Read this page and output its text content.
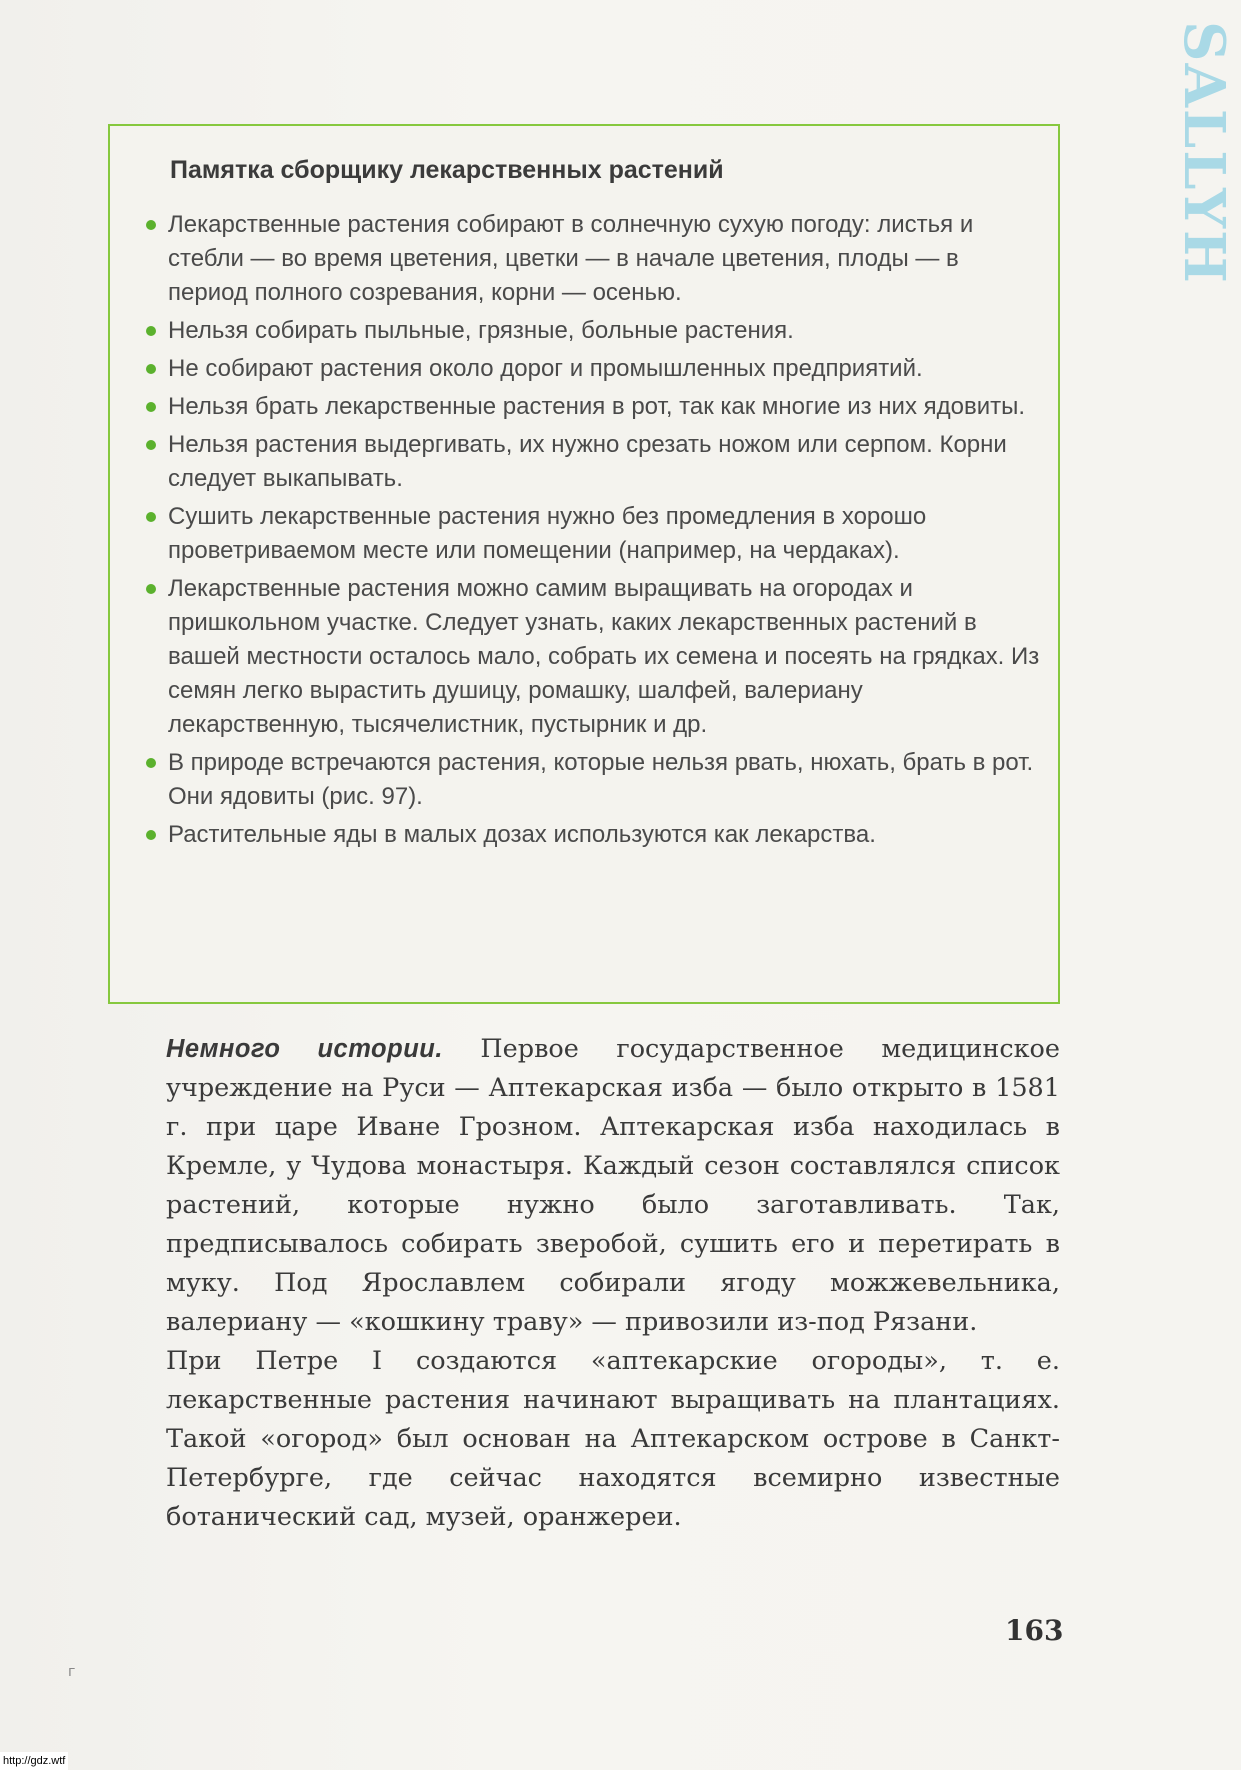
SALLYH
Памятка сборщику лекарственных растений
Лекарственные растения собирают в солнечную сухую погоду: листья и стебли — во время цветения, цветки — в начале цветения, плоды — в период полного созревания, корни — осенью.
Нельзя собирать пыльные, грязные, больные растения.
Не собирают растения около дорог и промышленных предприятий.
Нельзя брать лекарственные растения в рот, так как многие из них ядовиты.
Нельзя растения выдергивать, их нужно срезать ножом или серпом. Корни следует выкапывать.
Сушить лекарственные растения нужно без промедления в хорошо проветриваемом месте или помещении (например, на чердаках).
Лекарственные растения можно самим выращивать на огородах и пришкольном участке. Следует узнать, каких лекарственных растений в вашей местности осталось мало, собрать их семена и посеять на грядках. Из семян легко вырастить душицу, ромашку, шалфей, валериану лекарственную, тысячелистник, пустырник и др.
В природе встречаются растения, которые нельзя рвать, нюхать, брать в рот. Они ядовиты (рис. 97).
Растительные яды в малых дозах используются как лекарства.

Немного истории. Первое государственное медицинское учреждение на Руси — Аптекарская изба — было открыто в 1581 г. при царе Иване Грозном. Аптекарская изба находилась в Кремле, у Чудова монастыря. Каждый сезон составлялся список растений, которые нужно было заготавливать. Так, предписывалось собирать зверобой, сушить его и перетирать в муку. Под Ярославлем собирали ягоду можжевельника, валериану — «кошкину траву» — привозили из-под Рязани.

При Петре I создаются «аптекарские огороды», т. е. лекарственные растения начинают выращивать на плантациях. Такой «огород» был основан на Аптекарском острове в Санкт-Петербурге, где сейчас находятся всемирно известные ботанический сад, музей, оранжереи.

163
г
http://gdz.wtf
